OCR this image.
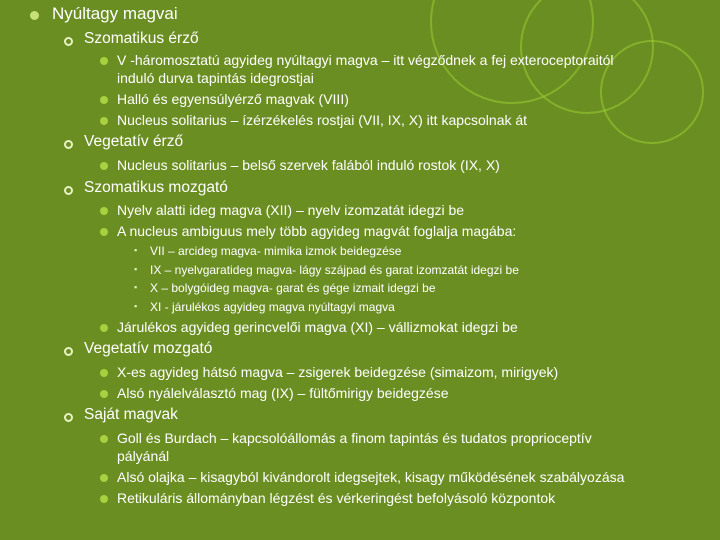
Nyúltagy magvai
Szomatikus érző
V -háromosztatú agyideg nyúltagyi magva – itt végződnek a fej exteroceptoraitól
induló durva tapintás idegrostjai
Halló és egyensúlyérző magvak (VIII)
Nucleus solitarius – ízérzékelés rostjai (VII, IX, X) itt kapcsolnak át
Vegetatív érző
Nucleus solitarius – belső szervek falából induló rostok (IX, X)
Szomatikus mozgató
Nyelv alatti ideg magva (XII) – nyelv izomzatát idegzi be
A nucleus ambiguus mely több agyideg magvát foglalja magába:
▪ VII – arcideg magva- mimika izmok beidegzése
▪ IX – nyelvgaratideg magva- lágy szájpad és garat izomzatát idegzi be
▪ X – bolygóideg magva- garat és gége izmait idegzi be
▪ XI - járulékos agyideg magva nyúltagyi magva
Járulékos agyideg gerincvelői magva (XI) – vállizmokat idegzi be
Vegetatív mozgató
X-es agyideg hátsó magva – zsigerek beidegzése (simaizom, mirigyek)
Alsó nyálelválasztó mag (IX) – fültőmirigy beidegzése
Saját magvak
Goll és Burdach – kapcsolóállomás a finom tapintás és tudatos proprioceptív
pályánál
Alsó olajka – kisagyból kivándorolt idegsejtek, kisagy működésének szabályozása
Retikuláris állományban légzést és vérkeringést befolyásoló központok
